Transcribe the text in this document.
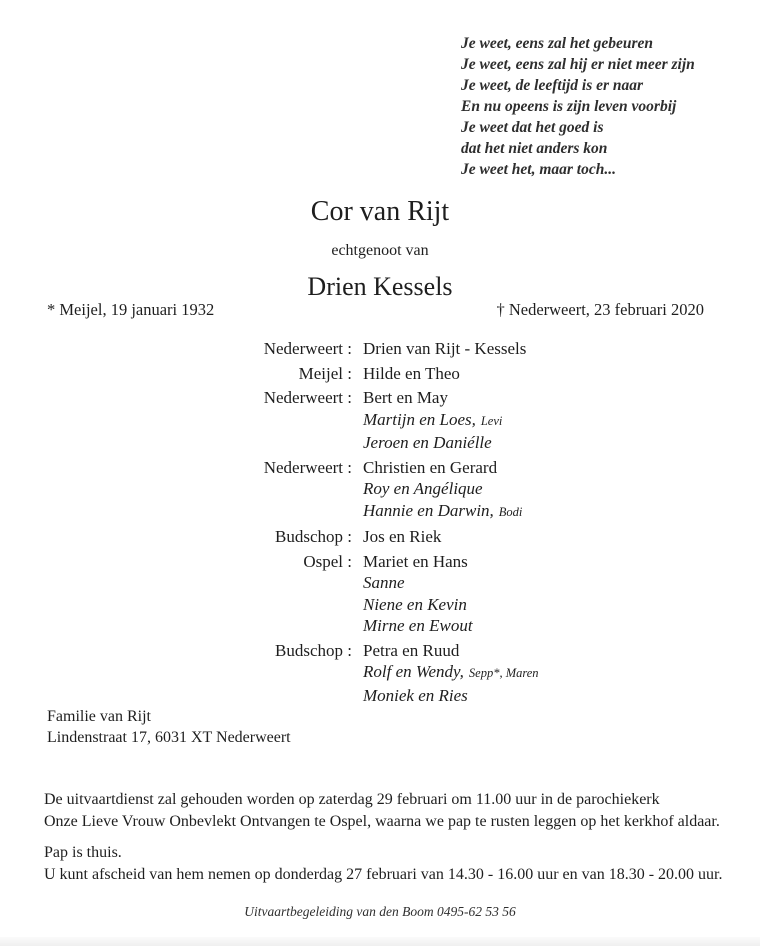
Je weet, eens zal het gebeuren
Je weet, eens zal hij er niet meer zijn
Je weet, de leeftijd is er naar
En nu opeens is zijn leven voorbij
Je weet dat het goed is
dat het niet anders kon
Je weet het, maar toch...
Cor van Rijt
echtgenoot van
Drien Kessels
* Meijel, 19 januari 1932	† Nederweert, 23 februari 2020
Nederweert : Drien van Rijt - Kessels
Meijel : Hilde en Theo
Nederweert : Bert en May
Martijn en Loes, Levi
Jeroen en Daniélle
Nederweert : Christien en Gerard
Roy en Angélique
Hannie en Darwin, Bodi
Budschop : Jos en Riek
Ospel : Mariet en Hans
Sanne
Niene en Kevin
Mirne en Ewout
Budschop : Petra en Ruud
Rolf en Wendy, Sepp*, Maren
Moniek en Ries
Familie van Rijt
Lindenstraat 17, 6031 XT Nederweert
De uitvaartdienst zal gehouden worden op zaterdag 29 februari om 11.00 uur in de parochiekerk
Onze Lieve Vrouw Onbevlekt Ontvangen te Ospel, waarna we pap te rusten leggen op het kerkhof aldaar.
Pap is thuis.
U kunt afscheid van hem nemen op donderdag 27 februari van 14.30 - 16.00 uur en van 18.30 - 20.00 uur.
Uitvaartbegeleiding van den Boom 0495-62 53 56
